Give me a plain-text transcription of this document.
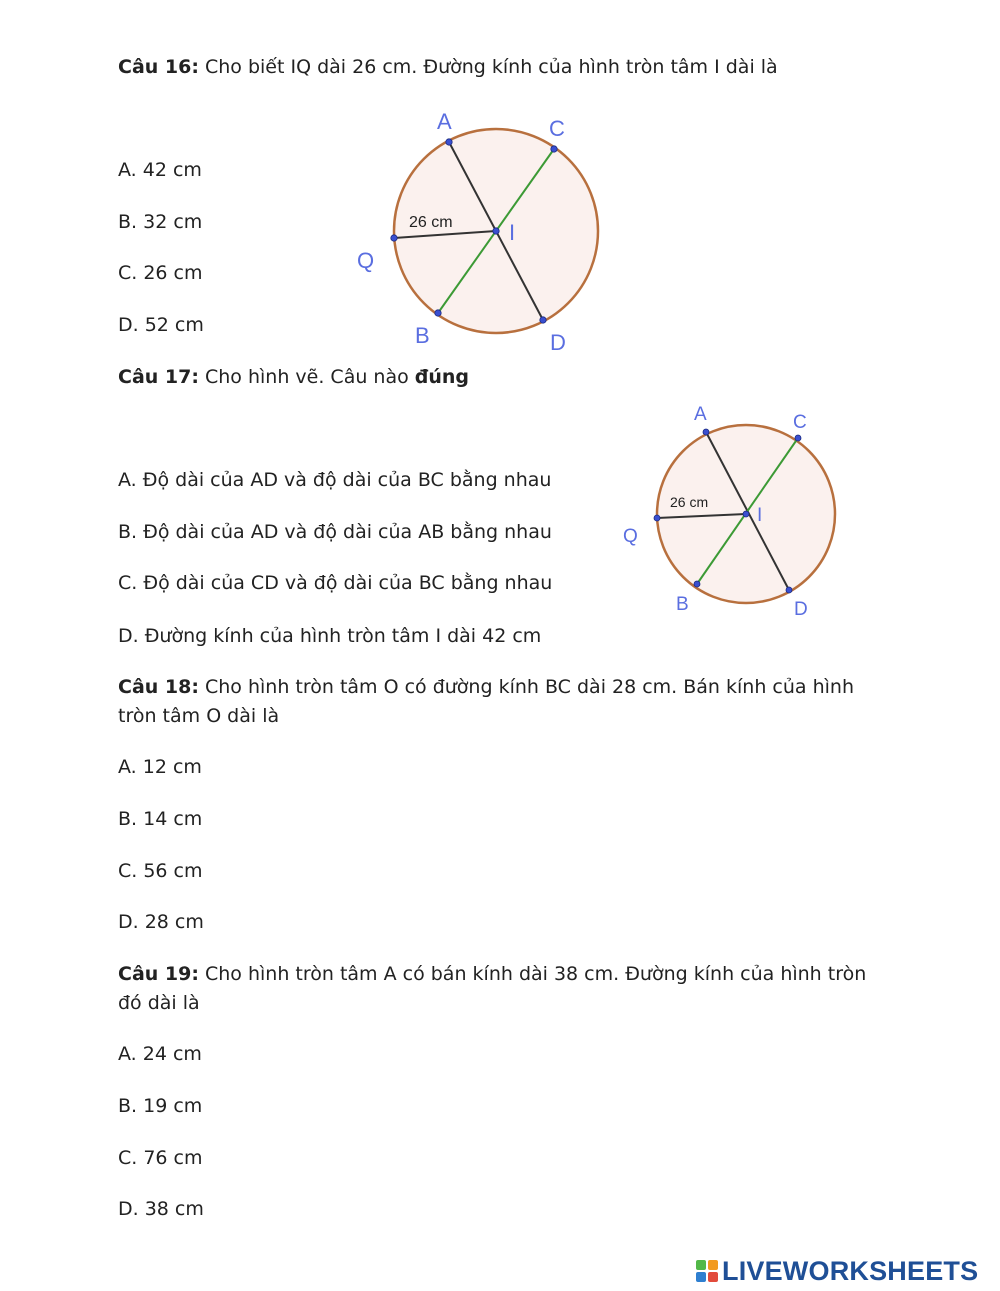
Câu 16: Cho biết IQ dài 26 cm. Đường kính của hình tròn tâm I dài là
A. 42 cm
B. 32 cm
C. 26 cm
D. 52 cm
A	C
B	D
Q
I
26 cm
Câu 17: Cho hình vẽ. Câu nào đúng
A. Độ dài của AD và độ dài của BC bằng nhau
B. Độ dài của AD và độ dài của AB bằng nhau
C. Độ dài của CD và độ dài của BC bằng nhau
D. Đường kính của hình tròn tâm I dài 42 cm
A	C
B	D
Q
I
26 cm
Câu 18: Cho hình tròn tâm O có đường kính BC dài 28 cm. Bán kính của hình
tròn tâm O dài là
A. 12 cm
B. 14 cm
C. 56 cm
D. 28 cm
Câu 19: Cho hình tròn tâm A có bán kính dài 38 cm. Đường kính của hình tròn
đó dài là
A. 24 cm
B. 19 cm
C. 76 cm
D. 38 cm
LIVEWORKSHEETS
